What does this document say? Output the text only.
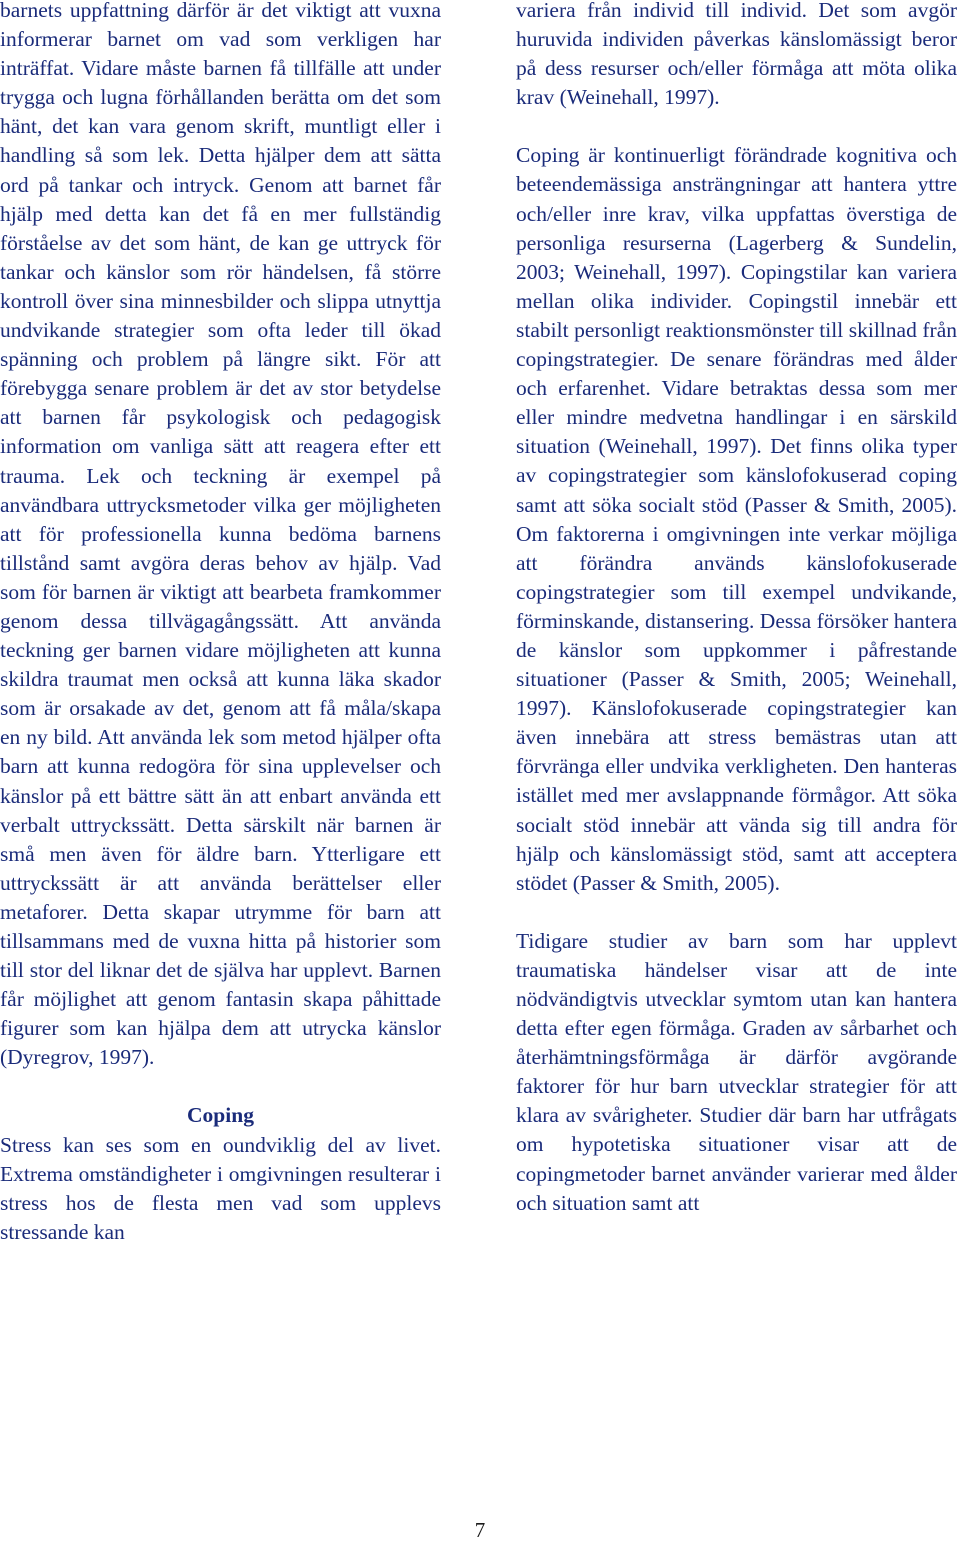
barnets uppfattning därför är det viktigt att vuxna informerar barnet om vad som verkligen har inträffat. Vidare måste barnen få tillfälle att under trygga och lugna förhållanden berätta om det som hänt, det kan vara genom skrift, muntligt eller i handling så som lek. Detta hjälper dem att sätta ord på tankar och intryck. Genom att barnet får hjälp med detta kan det få en mer fullständig förståelse av det som hänt, de kan ge uttryck för tankar och känslor som rör händelsen, få större kontroll över sina minnesbilder och slippa utnyttja undvikande strategier som ofta leder till ökad spänning och problem på längre sikt. För att förebygga senare problem är det av stor betydelse att barnen får psykologisk och pedagogisk information om vanliga sätt att reagera efter ett trauma. Lek och teckning är exempel på användbara uttrycksmetoder vilka ger möjligheten att för professionella kunna bedöma barnens tillstånd samt avgöra deras behov av hjälp. Vad som för barnen är viktigt att bearbeta framkommer genom dessa tillvägagångssätt. Att använda teckning ger barnen vidare möjligheten att kunna skildra traumat men också att kunna läka skador som är orsakade av det, genom att få måla/skapa en ny bild. Att använda lek som metod hjälper ofta barn att kunna redogöra för sina upplevelser och känslor på ett bättre sätt än att enbart använda ett verbalt uttryckssätt. Detta särskilt när barnen är små men även för äldre barn. Ytterligare ett uttryckssätt är att använda berättelser eller metaforer. Detta skapar utrymme för barn att tillsammans med de vuxna hitta på historier som till stor del liknar det de själva har upplevt. Barnen får möjlighet att genom fantasin skapa påhittade figurer som kan hjälpa dem att utrycka känslor (Dyregrov, 1997).

Coping

Stress kan ses som en oundviklig del av livet. Extrema omständigheter i omgivningen resulterar i stress hos de flesta men vad som upplevs stressande kan

variera från individ till individ. Det som avgör huruvida individen påverkas känslomässigt beror på dess resurser och/eller förmåga att möta olika krav (Weinehall, 1997).

Coping är kontinuerligt förändrade kognitiva och beteendemässiga ansträngningar att hantera yttre och/eller inre krav, vilka uppfattas överstiga de personliga resurserna (Lagerberg & Sundelin, 2003; Weinehall, 1997). Copingstilar kan variera mellan olika individer. Copingstil innebär ett stabilt personligt reaktionsmönster till skillnad från copingstrategier. De senare förändras med ålder och erfarenhet. Vidare betraktas dessa som mer eller mindre medvetna handlingar i en särskild situation (Weinehall, 1997). Det finns olika typer av copingstrategier som känslofokuserad coping samt att söka socialt stöd (Passer & Smith, 2005). Om faktorerna i omgivningen inte verkar möjliga att förändra används känslofokuserade copingstrategier som till exempel undvikande, förminskande, distansering. Dessa försöker hantera de känslor som uppkommer i påfrestande situationer (Passer & Smith, 2005; Weinehall, 1997). Känslofokuserade copingstrategier kan även innebära att stress bemästras utan att förvränga eller undvika verkligheten. Den hanteras istället med mer avslappnande förmågor. Att söka socialt stöd innebär att vända sig till andra för hjälp och känslomässigt stöd, samt att acceptera stödet (Passer & Smith, 2005).

Tidigare studier av barn som har upplevt traumatiska händelser visar att de inte nödvändigtvis utvecklar symtom utan kan hantera detta efter egen förmåga. Graden av sårbarhet och återhämtningsförmåga är därför avgörande faktorer för hur barn utvecklar strategier för att klara av svårigheter. Studier där barn har utfrågats om hypotetiska situationer visar att de copingmetoder barnet använder varierar med ålder och situation samt att

7
